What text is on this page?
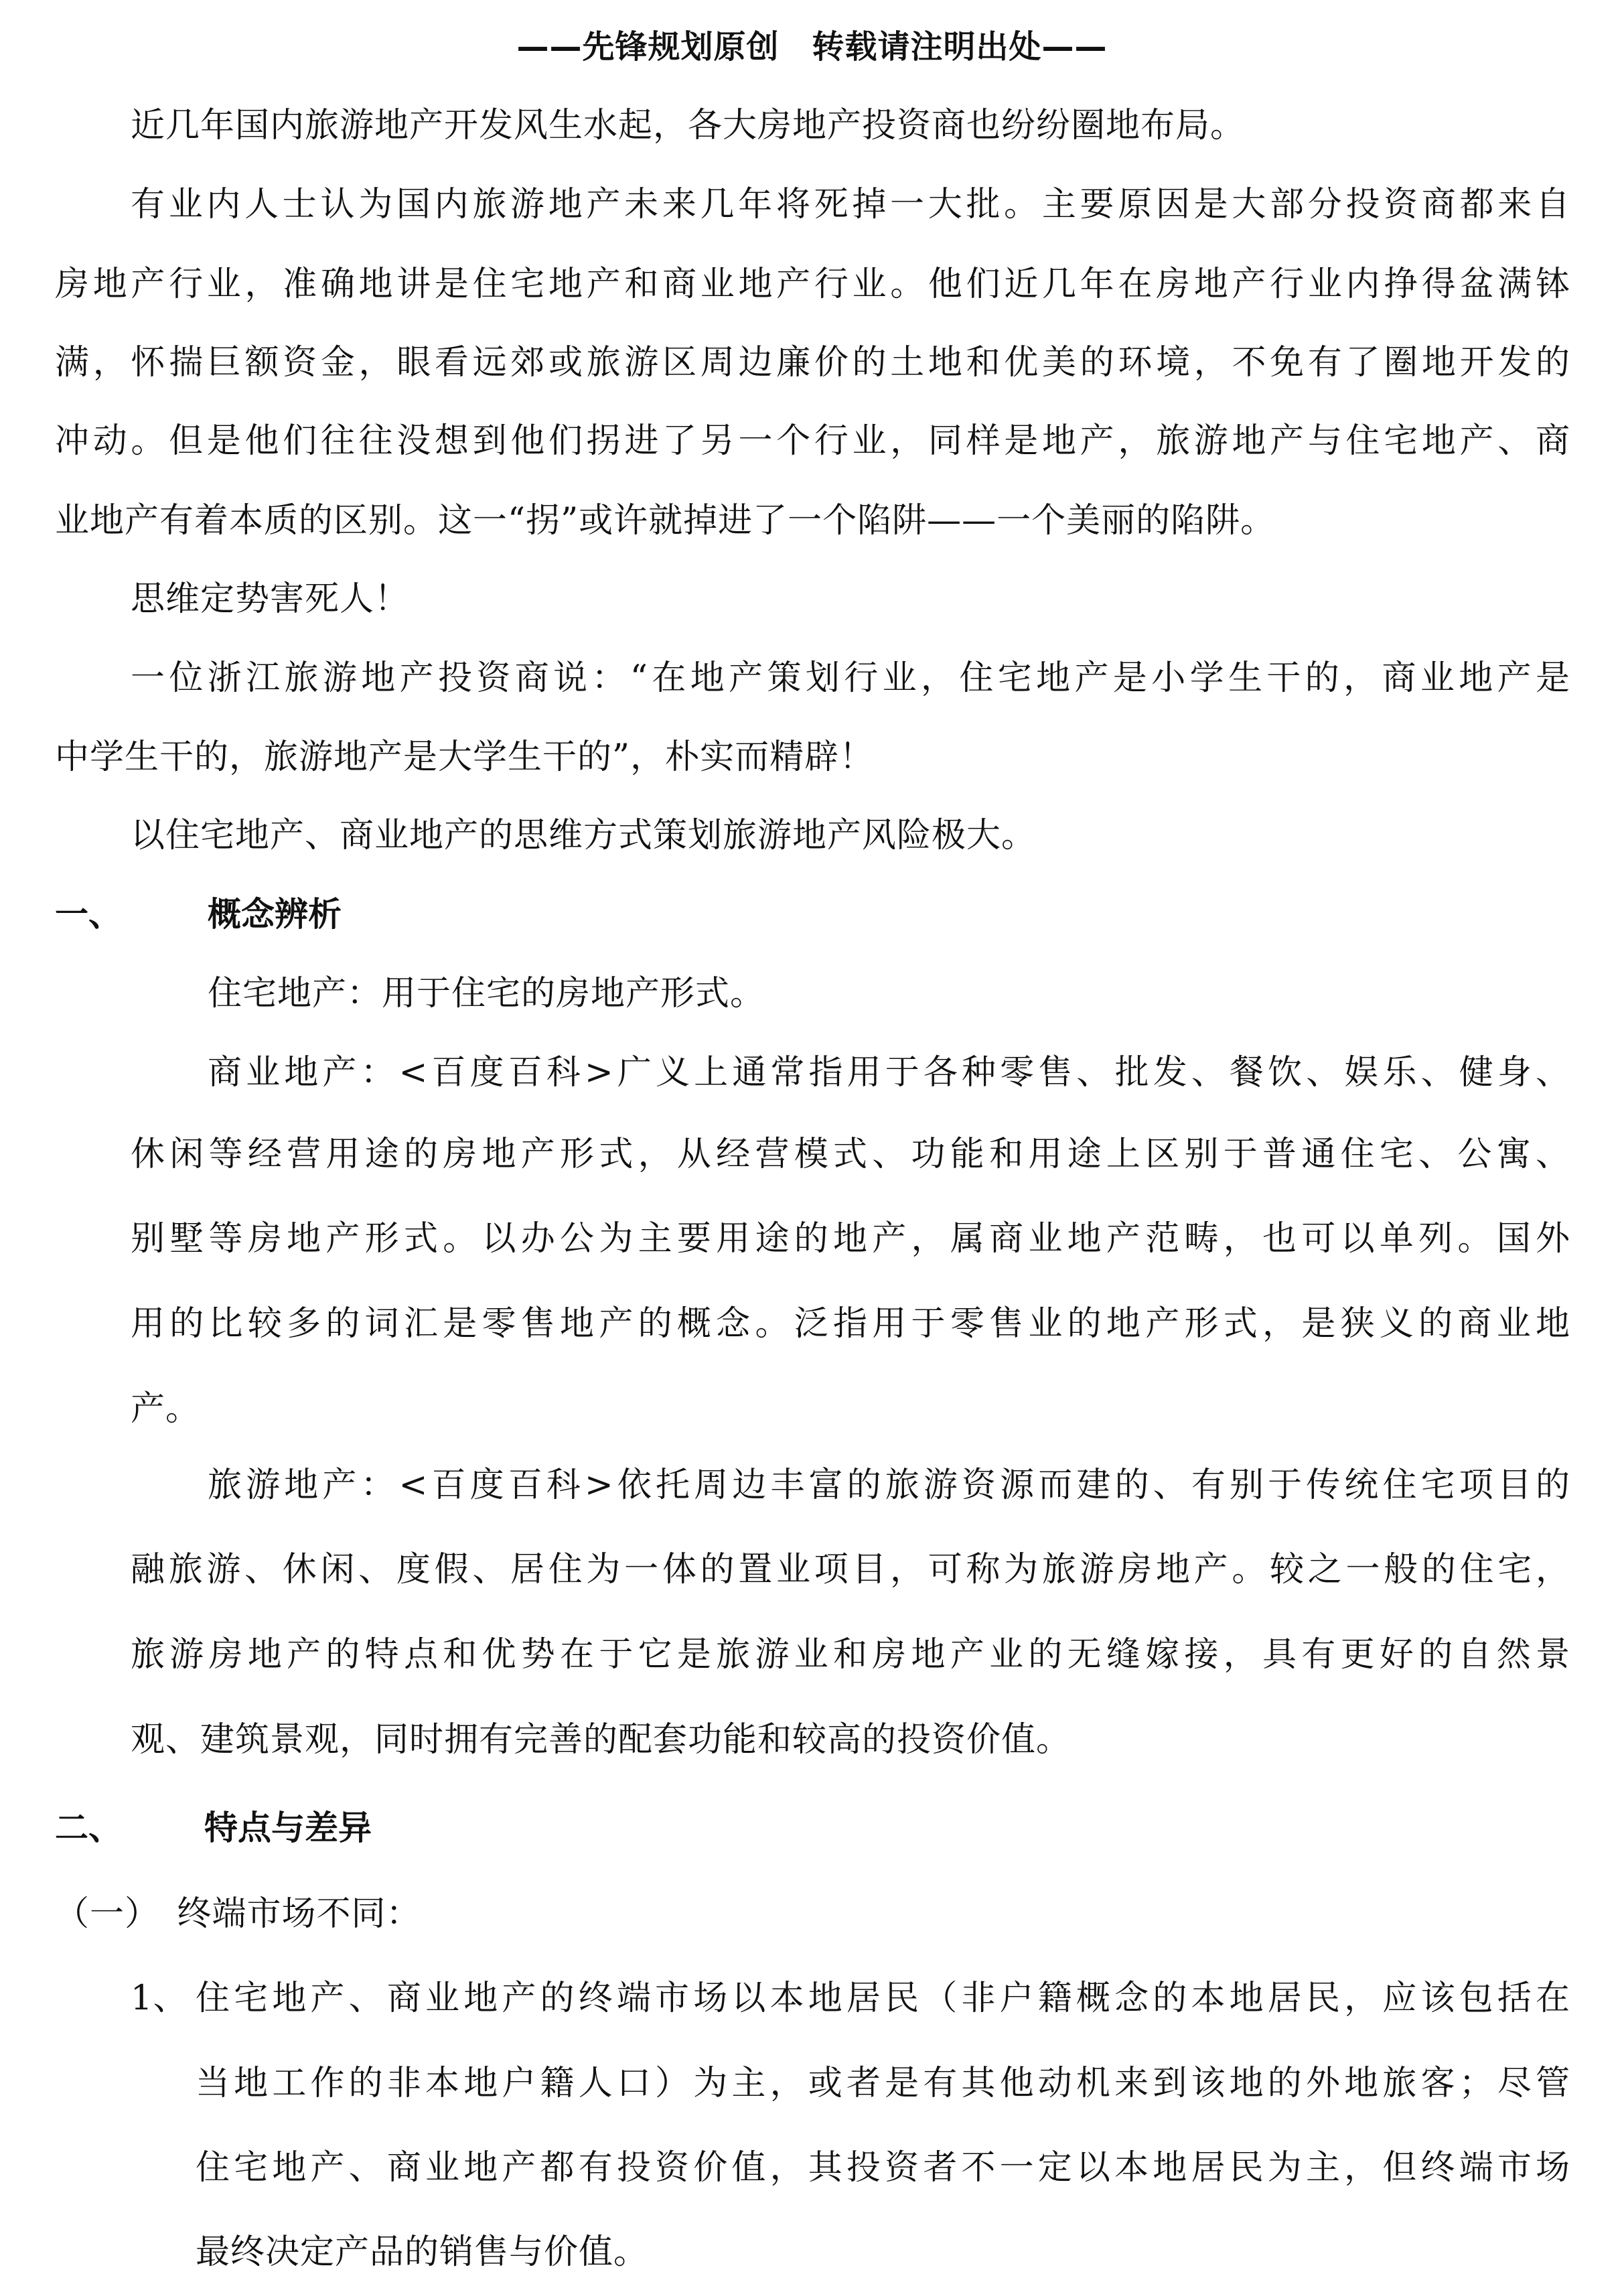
——先锋规划原创　转载请注明出处——
近几年国内旅游地产开发风生水起，各大房地产投资商也纷纷圈地布局。
有业内人士认为国内旅游地产未来几年将死掉一大批。主要原因是大部分投资商都来自
房地产行业，准确地讲是住宅地产和商业地产行业。他们近几年在房地产行业内挣得盆满钵
满，怀揣巨额资金，眼看远郊或旅游区周边廉价的土地和优美的环境，不免有了圈地开发的
冲动。但是他们往往没想到他们拐进了另一个行业，同样是地产，旅游地产与住宅地产、商
业地产有着本质的区别。这一“拐”或许就掉进了一个陷阱——一个美丽的陷阱。
思维定势害死人！
一位浙江旅游地产投资商说：“在地产策划行业，住宅地产是小学生干的，商业地产是
中学生干的，旅游地产是大学生干的”，朴实而精辟！
以住宅地产、商业地产的思维方式策划旅游地产风险极大。
一、	概念辨析
住宅地产：用于住宅的房地产形式。
商业地产：<百度百科>广义上通常指用于各种零售、批发、餐饮、娱乐、健身、
休闲等经营用途的房地产形式，从经营模式、功能和用途上区别于普通住宅、公寓、
别墅等房地产形式。以办公为主要用途的地产，属商业地产范畴，也可以单列。国外
用的比较多的词汇是零售地产的概念。泛指用于零售业的地产形式，是狭义的商业地
产。
旅游地产：<百度百科>依托周边丰富的旅游资源而建的、有别于传统住宅项目的
融旅游、休闲、度假、居住为一体的置业项目，可称为旅游房地产。较之一般的住宅，
旅游房地产的特点和优势在于它是旅游业和房地产业的无缝嫁接，具有更好的自然景
观、建筑景观，同时拥有完善的配套功能和较高的投资价值。
二、 特点与差异
（一）　终端市场不同：
1、 住宅地产、商业地产的终端市场以本地居民（非户籍概念的本地居民，应该包括在
当地工作的非本地户籍人口）为主，或者是有其他动机来到该地的外地旅客；尽管
住宅地产、商业地产都有投资价值，其投资者不一定以本地居民为主，但终端市场
最终决定产品的销售与价值。
